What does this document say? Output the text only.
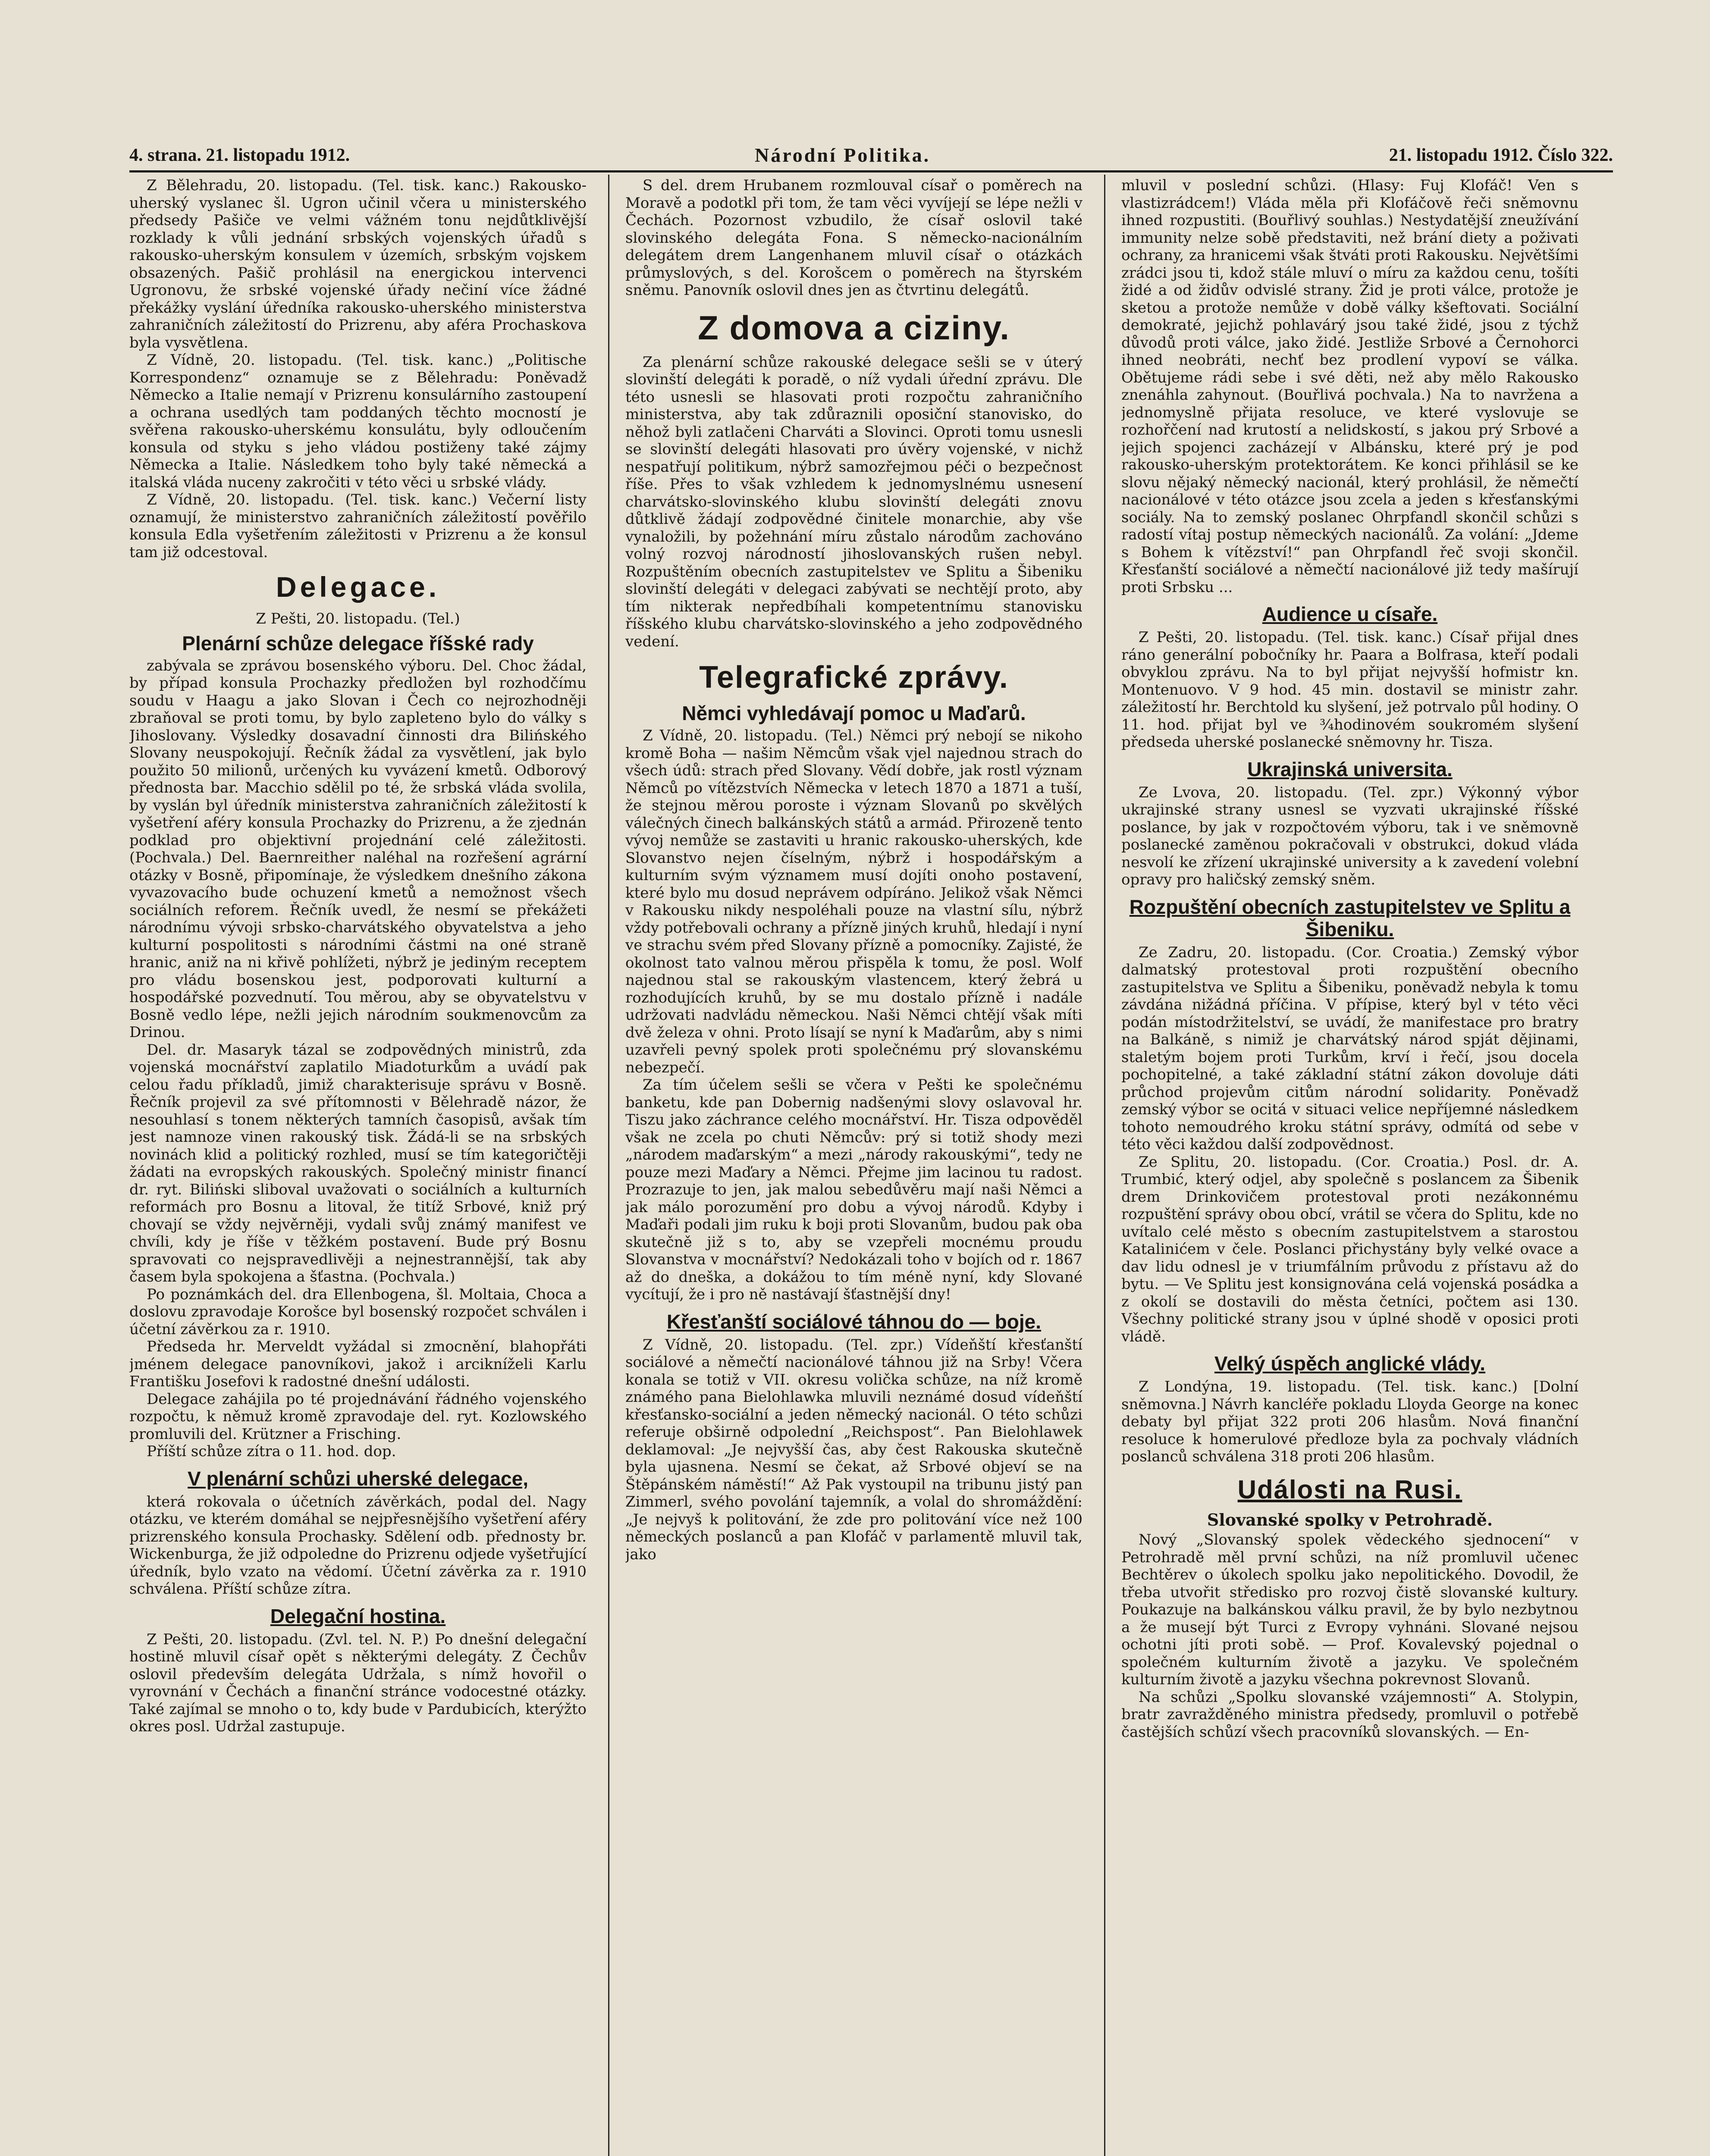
4. strana. 21. listopadu 1912.	Národní Politika.	21. listopadu 1912. Číslo 322.

Z Bělehradu, 20. listopadu. (Tel. tisk. kanc.) Rakousko-uherský vyslanec šl. Ugron učinil včera u ministerského předsedy Pašiče ve velmi vážném tonu nejdůtklivější rozklady k vůli jednání srbských vojenských úřadů s rakousko-uherským konsulem v územích, srbským vojskem obsazených. Pašič prohlásil na energickou intervenci Ugronovu, že srbské vojenské úřady nečiní více žádné překážky vyslání úředníka rakousko-uherského ministerstva zahraničních záležitostí do Prizrenu, aby aféra Prochaskova byla vysvětlena.

Z Vídně, 20. listopadu. (Tel. tisk. kanc.) „Politische Korrespondenz“ oznamuje se z Bělehradu: Poněvadž Německo a Italie nemají v Prizrenu konsulárního zastoupení a ochrana usedlých tam poddaných těchto mocností je svěřena rakousko-uherskému konsulátu, byly odloučením konsula od styku s jeho vládou postiženy také zájmy Německa a Italie. Následkem toho byly také německá a italská vláda nuceny zakročiti v této věci u srbské vlády.

Z Vídně, 20. listopadu. (Tel. tisk. kanc.) Večerní listy oznamují, že ministerstvo zahraničních záležitostí pověřilo konsula Edla vyšetřením záležitosti v Prizrenu a že konsul tam již odcestoval.

Delegace.
Z Pešti, 20. listopadu. (Tel.)
Plenární schůze delegace říšské rady

zabývala se zprávou bosenského výboru. Del. Choc žádal, by případ konsula Prochazky předložen byl rozhodčímu soudu v Haagu a jako Slovan i Čech co nejrozhodněji zbraňoval se proti tomu, by bylo zapleteno bylo do války s Jihoslovany. Výsledky dosavadní činnosti dra Bilińského Slovany neuspokojují. Řečník žádal za vysvětlení, jak bylo použito 50 milionů, určených ku vyvázení kmetů. Odborový přednosta bar. Macchio sdělil po té, že srbská vláda svolila, by vyslán byl úředník ministerstva zahraničních záležitostí k vyšetření aféry konsula Prochazky do Prizrenu, a že zjednán podklad pro objektivní projednání celé záležitosti. (Pochvala.) Del. Baernreither naléhal na rozřešení agrární otázky v Bosně, připomínaje, že výsledkem dnešního zákona vyvazovacího bude ochuzení kmetů a nemožnost všech sociálních reforem. Řečník uvedl, že nesmí se překážeti národnímu vývoji srbsko-charvátského obyvatelstva a jeho kulturní pospolitosti s národními částmi na oné straně hranic, aniž na ni křivě pohlížeti, nýbrž je jediným receptem pro vládu bosenskou jest, podporovati kulturní a hospodářské pozvednutí. Tou měrou, aby se obyvatelstvu v Bosně vedlo lépe, nežli jejich národním soukmenovcům za Drinou.

Del. dr. Masaryk tázal se zodpovědných ministrů, zda vojenská mocnářství zaplatilo Miadoturkům a uvádí pak celou řadu příkladů, jimiž charakterisuje správu v Bosně. Řečník projevil za své přítomnosti v Bělehradě názor, že nesouhlasí s tonem některých tamních časopisů, avšak tím jest namnoze vinen rakouský tisk. Žádá-li se na srbských novinách klid a politický rozhled, musí se tím kategoričtěji žádati na evropských rakouských. Společný ministr financí dr. ryt. Biliński sliboval uvažovati o sociálních a kulturních reformách pro Bosnu a litoval, že titíž Srbové, kniž prý chovají se vždy nejvěrněji, vydali svůj známý manifest ve chvíli, kdy je říše v těžkém postavení. Bude prý Bosnu spravovati co nejspravedlivěji a nejnestrannější, tak aby časem byla spokojena a šťastna. (Pochvala.)

Po poznámkách del. dra Ellenbogena, šl. Moltaia, Choca a doslovu zpravodaje Korošce byl bosenský rozpočet schválen i účetní závěrkou za r. 1910.

Předseda hr. Merveldt vyžádal si zmocnění, blahopřáti jménem delegace panovníkovi, jakož i arcikníželi Karlu Františku Josefovi k radostné dnešní události.

Delegace zahájila po té projednávání řádného vojenského rozpočtu, k němuž kromě zpravodaje del. ryt. Kozlowského promluvili del. Krützner a Frisching.

Příští schůze zítra o 11. hod. dop.

V plenární schůzi uherské delegace,

která rokovala o účetních závěrkách, podal del. Nagy otázku, ve kterém domáhal se nejpřesnějšího vyšetření aféry prizrenského konsula Prochasky. Sdělení odb. přednosty br. Wickenburga, že již odpoledne do Prizrenu odjede vyšetřující úředník, bylo vzato na vědomí. Účetní závěrka za r. 1910 schválena. Příští schůze zítra.

Delegační hostina.

Z Pešti, 20. listopadu. (Zvl. tel. N. P.) Po dnešní delegační hostině mluvil císař opět s některými delegáty. Z Čechův oslovil především delegáta Udržala, s nímž hovořil o vyrovnání v Čechách a finanční stránce vodocestné otázky. Také zajímal se mnoho o to, kdy bude v Pardubicích, kterýžto okres posl. Udržal zastupuje.

S del. drem Hrubanem rozmlouval císař o poměrech na Moravě a podotkl při tom, že tam věci vyvíjejí se lépe nežli v Čechách. Pozornost vzbudilo, že císař oslovil také slovinského delegáta Fona. S německo-nacionálním delegátem drem Langenhanem mluvil císař o otázkách průmyslových, s del. Korošcem o poměrech na štyrském sněmu. Panovník oslovil dnes jen as čtvrtinu delegátů.

Z domova a ciziny.

Za plenární schůze rakouské delegace sešli se v úterý slovinští delegáti k poradě, o níž vydali úřední zprávu. Dle této usnesli se hlasovati proti rozpočtu zahraničního ministerstva, aby tak zdůraznili oposiční stanovisko, do něhož byli zatlačeni Charváti a Slovinci. Oproti tomu usnesli se slovinští delegáti hlasovati pro úvěry vojenské, v nichž nespatřují politikum, nýbrž samozřejmou péči o bezpečnost říše. Přes to však vzhledem k jednomyslnému usnesení charvátsko-slovinského klubu slovinští delegáti znovu důtklivě žádají zodpovědné činitele monarchie, aby vše vynaložili, by požehnání míru zůstalo národům zachováno volný rozvoj národností jihoslovanských rušen nebyl. Rozpuštěním obecních zastupitelstev ve Splitu a Šibeniku slovinští delegáti v delegaci zabývati se nechtějí proto, aby tím nikterak nepředbíhali kompetentnímu stanovisku říšského klubu charvátsko-slovinského a jeho zodpovědného vedení.

Telegrafické zprávy.
Němci vyhledávají pomoc u Maďarů.

Z Vídně, 20. listopadu. (Tel.) Němci prý nebojí se nikoho kromě Boha — našim Němcům však vjel najednou strach do všech údů: strach před Slovany. Vědí dobře, jak rostl význam Němců po vítězstvích Německa v letech 1870 a 1871 a tuší, že stejnou měrou poroste i význam Slovanů po skvělých válečných činech balkánských států a armád. Přirozeně tento vývoj nemůže se zastaviti u hranic rakousko-uherských, kde Slovanstvo nejen číselným, nýbrž i hospodářským a kulturním svým významem musí dojíti onoho postavení, které bylo mu dosud neprávem odpíráno. Jelikož však Němci v Rakousku nikdy nespoléhali pouze na vlastní sílu, nýbrž vždy potřebovali ochrany a přízně jiných kruhů, hledají i nyní ve strachu svém před Slovany přízně a pomocníky. Zajisté, že okolnost tato valnou měrou přispěla k tomu, že posl. Wolf najednou stal se rakouským vlastencem, který žebrá u rozhodujících kruhů, by se mu dostalo přízně i nadále udržovati nadvládu německou. Naši Němci chtějí však míti dvě železa v ohni. Proto lísají se nyní k Maďarům, aby s nimi uzavřeli pevný spolek proti společnému prý slovanskému nebezpečí.

Za tím účelem sešli se včera v Pešti ke společnému banketu, kde pan Dobernig nadšenými slovy oslavoval hr. Tiszu jako záchrance celého mocnářství. Hr. Tisza odpověděl však ne zcela po chuti Němcův: prý si totiž shody mezi „národem maďarským“ a mezi „národy rakouskými“, tedy ne pouze mezi Maďary a Němci. Přejme jim lacinou tu radost. Prozrazuje to jen, jak malou sebedůvěru mají naši Němci a jak málo porozumění pro dobu a vývoj národů. Kdyby i Maďaři podali jim ruku k boji proti Slovanům, budou pak oba skutečně již s to, aby se vzepřeli mocnému proudu Slovanstva v mocnářství? Nedokázali toho v bojích od r. 1867 až do dneška, a dokážou to tím méně nyní, kdy Slované vycítují, že i pro ně nastávají šťastnější dny!

Křesťanští sociálové táhnou do — boje.

Z Vídně, 20. listopadu. (Tel. zpr.) Vídeňští křesťanští sociálové a němečtí nacionálové táhnou již na Srby! Včera konala se totiž v VII. okresu volička schůze, na níž kromě známého pana Bielohlawka mluvili neznámé dosud vídeňští křesťansko-sociální a jeden německý nacionál. O této schůzi referuje obširně odpolední „Reichspost“. Pan Bielohlawek deklamoval: „Je nejvyšší čas, aby čest Rakouska skutečně byla ujasnena. Nesmí se čekat, až Srbové objeví se na Štěpánském náměstí!“ Až Pak vystoupil na tribunu jistý pan Zimmerl, svého povolání tajemník, a volal do shromáždění: „Je nejvyš k politování, že zde pro politování více než 100 německých poslanců a pan Klofáč v parlamentě mluvil tak, jako

mluvil v poslední schůzi. (Hlasy: Fuj Klofáč! Ven s vlastizrádcem!) Vláda měla při Klofáčově řeči sněmovnu ihned rozpustiti. (Bouřlivý souhlas.) Nestydatější zneužívání immunity nelze sobě představiti, než brání diety a poživati ochrany, za hranicemi však štváti proti Rakousku. Největšími zrádci jsou ti, kdož stále mluví o míru za každou cenu, tošíti židé a od židův odvislé strany. Žid je proti válce, protože je sketou a protože nemůže v době války kšeftovati. Sociální demokraté, jejichž pohlavárý jsou také židé, jsou z týchž důvodů proti válce, jako židé. Jestliže Srbové a Černohorci ihned neobráti, nechť bez prodlení vypoví se válka. Obětujeme rádi sebe i své děti, než aby mělo Rakousko znenáhla zahynout. (Bouřlivá pochvala.) Na to navržena a jednomyslně přijata resoluce, ve které vyslovuje se rozhořčení nad krutostí a nelidskostí, s jakou prý Srbové a jejich spojenci zacházejí v Albánsku, které prý je pod rakousko-uherským protektorátem. Ke konci přihlásil se ke slovu nějaký německý nacionál, který prohlásil, že němečtí nacionálové v této otázce jsou zcela a jeden s křesťanskými sociály. Na to zemský poslanec Ohrpfandl skončil schůzi s radostí vítaj postup německých nacionálů. Za volání: „Jdeme s Bohem k vítězství!“ pan Ohrpfandl řeč svoji skončil. Křesťanští sociálové a němečtí nacionálové již tedy mašírují proti Srbsku ...

Audience u císaře.

Z Pešti, 20. listopadu. (Tel. tisk. kanc.) Císař přijal dnes ráno generální pobočníky hr. Paara a Bolfrasa, kteří podali obvyklou zprávu. Na to byl přijat nejvyšší hofmistr kn. Montenuovo. V 9 hod. 45 min. dostavil se ministr zahr. záležitostí hr. Berchtold ku slyšení, jež potrvalo půl hodiny. O 11. hod. přijat byl ve ¾hodinovém soukromém slyšení předseda uherské poslanecké sněmovny hr. Tisza.

Ukrajinská universita.

Ze Lvova, 20. listopadu. (Tel. zpr.) Výkonný výbor ukrajinské strany usnesl se vyzvati ukrajinské říšské poslance, by jak v rozpočtovém výboru, tak i ve sněmovně poslanecké zaměnou pokračovali v obstrukci, dokud vláda nesvolí ke zřízení ukrajinské university a k zavedení volební opravy pro haličský zemský sněm.

Rozpuštění obecních zastupitelstev ve Splitu a Šibeniku.

Ze Zadru, 20. listopadu. (Cor. Croatia.) Zemský výbor dalmatský protestoval proti rozpuštění obecního zastupitelstva ve Splitu a Šibeniku, poněvadž nebyla k tomu závdána nižádná příčina. V přípise, který byl v této věci podán místodržitelství, se uvádí, že manifestace pro bratry na Balkáně, s nimiž je charvátský národ spját dějinami, staletým bojem proti Turkům, krví i řečí, jsou docela pochopitelné, a také základní státní zákon dovoluje dáti průchod projevům citům národní solidarity. Poněvadž zemský výbor se ocitá v situaci velice nepříjemné následkem tohoto nemoudrého kroku státní správy, odmítá od sebe v této věci každou další zodpovědnost.

Ze Splitu, 20. listopadu. (Cor. Croatia.) Posl. dr. A. Trumbić, který odjel, aby společně s poslancem za Šibenik drem Drinkovičem protestoval proti nezákonnému rozpuštění správy obou obcí, vrátil se včera do Splitu, kde no uvítalo celé město s obecním zastupitelstvem a starostou Katalinićem v čele. Poslanci přichystány byly velké ovace a dav lidu odnesl je v triumfálním průvodu z přístavu až do bytu. — Ve Splitu jest konsignována celá vojenská posádka a z okolí se dostavili do města četníci, počtem asi 130. Všechny politické strany jsou v úplné shodě v oposici proti vládě.

Velký úspěch anglické vlády.

Z Londýna, 19. listopadu. (Tel. tisk. kanc.) [Dolní sněmovna.] Návrh kancléře pokladu Lloyda George na konec debaty byl přijat 322 proti 206 hlasům. Nová finanční resoluce k homerulové předloze byla za pochvaly vládních poslanců schválena 318 proti 206 hlasům.

Události na Rusi.
Slovanské spolky v Petrohradě.

Nový „Slovanský spolek vědeckého sjednocení“ v Petrohradě měl první schůzi, na níž promluvil učenec Bechtěrev o úkolech spolku jako nepolitického. Dovodil, že třeba utvořit středisko pro rozvoj čistě slovanské kultury. Poukazuje na balkánskou válku pravil, že by bylo nezbytnou a že musejí být Turci z Evropy vyhnáni. Slované nejsou ochotni jíti proti sobě. — Prof. Kovalevský pojednal o společném kulturním životě a jazyku. Ve společném kulturním životě a jazyku všechna pokrevnost Slovanů.

Na schůzi „Spolku slovanské vzájemnosti“ A. Stolypin, bratr zavražděného ministra předsedy, promluvil o potřebě častějších schůzí všech pracovníků slovanských. — En-
